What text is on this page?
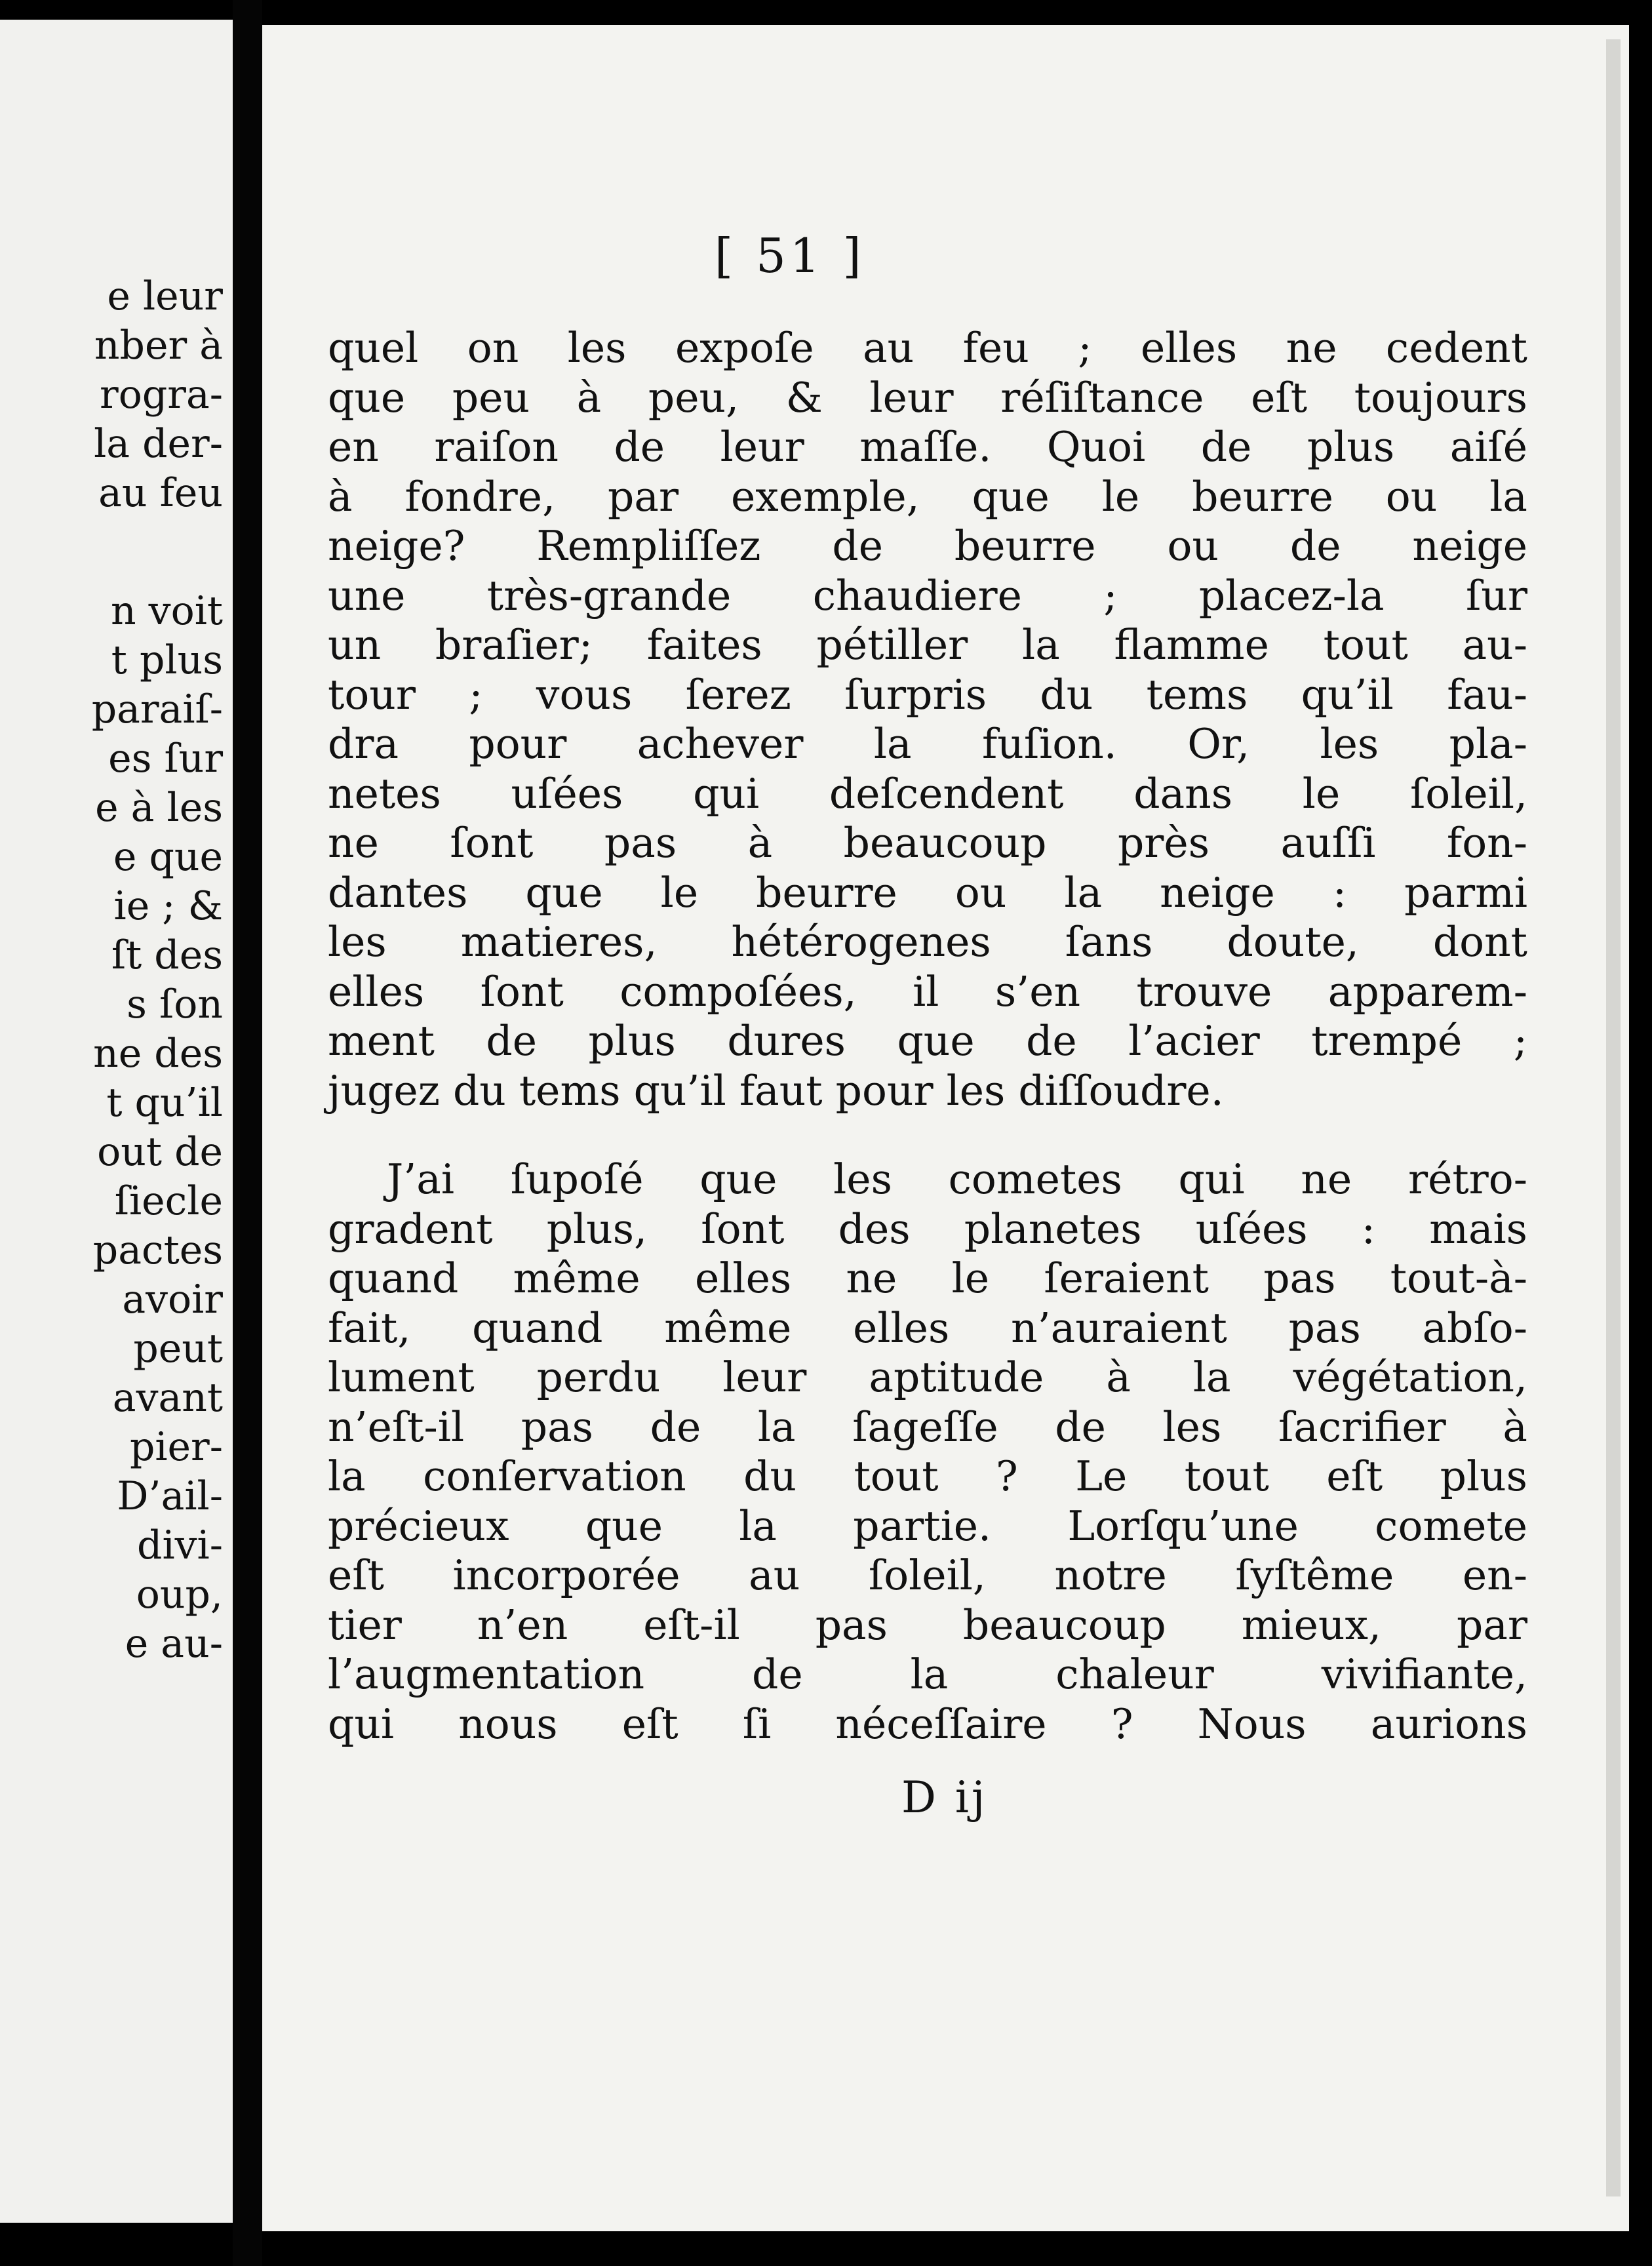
e leur
nber à
rogra-
la der-
au feu
n voit
t plus
paraiſ-
es ſur
e à les
e que
ie ; &
ſt des
s ſon
ne des
t qu’il
out de
ſiecle
pactes
avoir
peut
avant
pier-
D’ail-
divi-
oup,
e au-
[ 51 ]
quel on les expoſe au feu ; elles ne cedent
que peu à peu, & leur réſiſtance eſt toujours
en raiſon de leur maſſe. Quoi de plus aiſé
à fondre, par exemple, que le beurre ou la
neige? Rempliſſez de beurre ou de neige
une très-grande chaudiere ; placez-la ſur
un braſier; faites pétiller la flamme tout au-
tour ; vous ſerez ſurpris du tems qu’il fau-
dra pour achever la fuſion. Or, les pla-
netes uſées qui deſcendent dans le ſoleil,
ne ſont pas à beaucoup près auſſi fon-
dantes que le beurre ou la neige : parmi
les matieres, hétérogenes ſans doute, dont
elles ſont compoſées, il s’en trouve apparem-
ment de plus dures que de l’acier trempé ;
jugez du tems qu’il faut pour les diſſoudre.
J’ai ſupoſé que les cometes qui ne rétro-
gradent plus, ſont des planetes uſées : mais
quand même elles ne le ſeraient pas tout-à-
fait, quand même elles n’auraient pas abſo-
lument perdu leur aptitude à la végétation,
n’eſt-il pas de la ſageſſe de les ſacrifier à
la conſervation du tout ? Le tout eſt plus
précieux que la partie. Lorſqu’une comete
eſt incorporée au ſoleil, notre ſyſtême en-
tier n’en eſt-il pas beaucoup mieux, par
l’augmentation de la chaleur vivifiante,
qui nous eſt ſi néceſſaire ? Nous aurions
D ij
